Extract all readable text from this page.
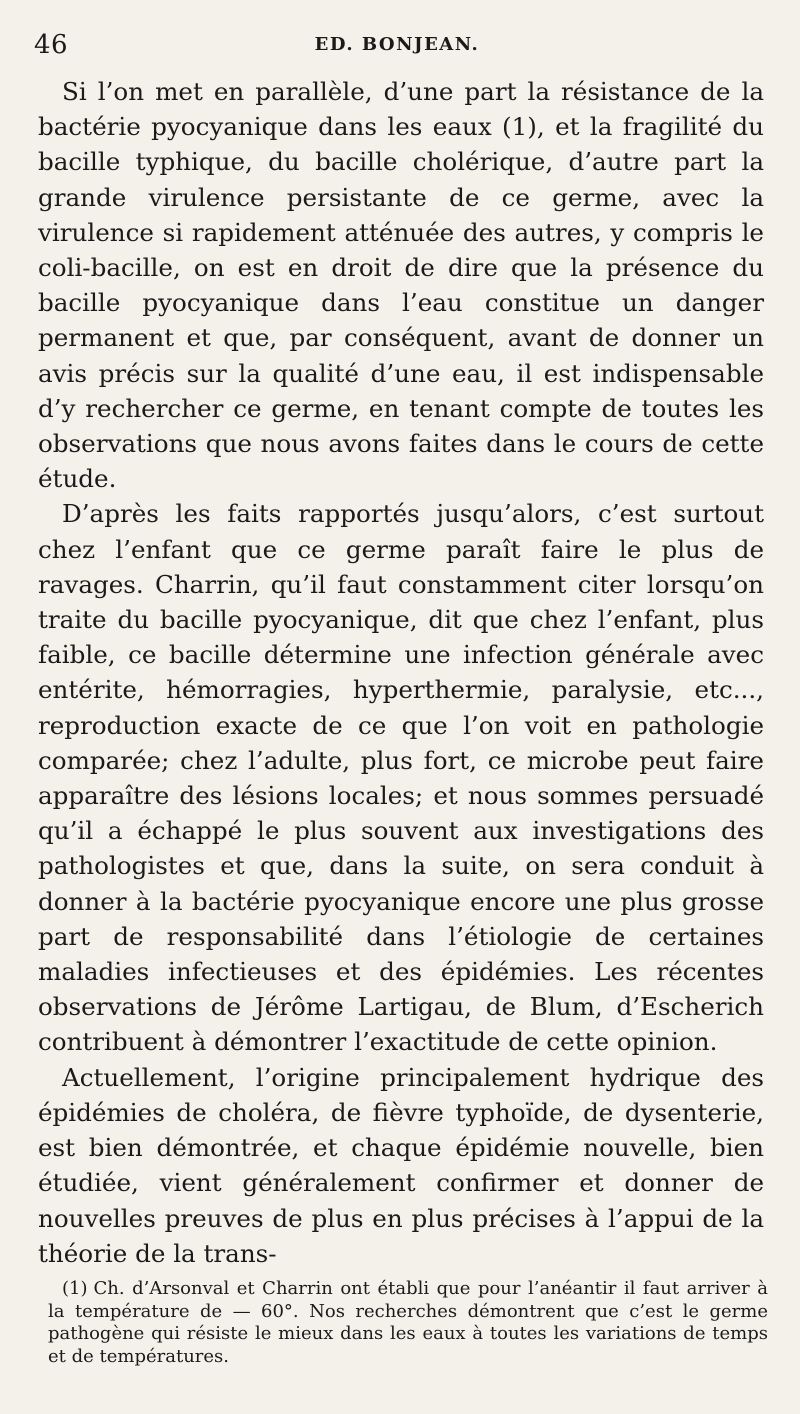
46	ED. BONJEAN.

Si l’on met en parallèle, d’une part la résistance de la bactérie pyocyanique dans les eaux (1), et la fragilité du bacille typhique, du bacille cholérique, d’autre part la grande virulence persistante de ce germe, avec la virulence si rapidement atténuée des autres, y compris le coli-bacille, on est en droit de dire que la présence du bacille pyocyanique dans l’eau constitue un danger permanent et que, par conséquent, avant de donner un avis précis sur la qualité d’une eau, il est indispensable d’y rechercher ce germe, en tenant compte de toutes les observations que nous avons faites dans le cours de cette étude.

D’après les faits rapportés jusqu’alors, c’est surtout chez l’enfant que ce germe paraît faire le plus de ravages. Charrin, qu’il faut constamment citer lorsqu’on traite du bacille pyocyanique, dit que chez l’enfant, plus faible, ce bacille détermine une infection générale avec entérite, hémorragies, hyperthermie, paralysie, etc..., reproduction exacte de ce que l’on voit en pathologie comparée; chez l’adulte, plus fort, ce microbe peut faire apparaître des lésions locales; et nous sommes persuadé qu’il a échappé le plus souvent aux investigations des pathologistes et que, dans la suite, on sera conduit à donner à la bactérie pyocyanique encore une plus grosse part de responsabilité dans l’étiologie de certaines maladies infectieuses et des épidémies. Les récentes observations de Jérôme Lartigau, de Blum, d’Escherich contribuent à démontrer l’exactitude de cette opinion.

Actuellement, l’origine principalement hydrique des épidémies de choléra, de fièvre typhoïde, de dysenterie, est bien démontrée, et chaque épidémie nouvelle, bien étudiée, vient généralement confirmer et donner de nouvelles preuves de plus en plus précises à l’appui de la théorie de la trans-

(1) Ch. d’Arsonval et Charrin ont établi que pour l’anéantir il faut arriver à la température de — 60°. Nos recherches démontrent que c’est le germe pathogène qui résiste le mieux dans les eaux à toutes les variations de temps et de températures.
